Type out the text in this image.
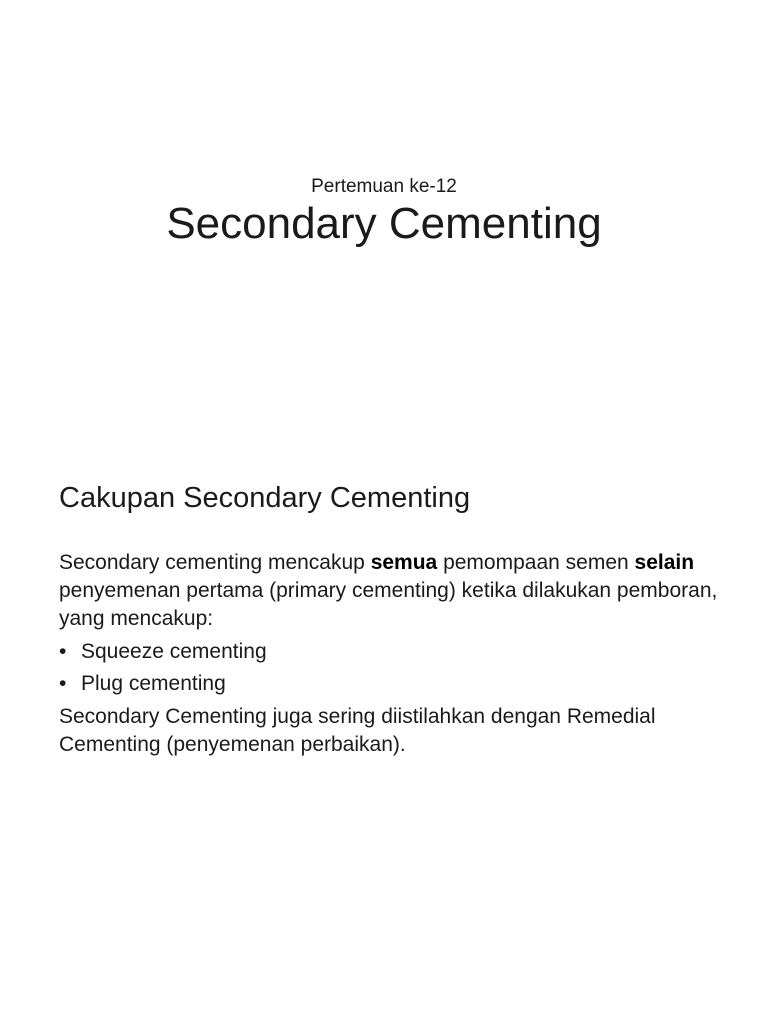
Pertemuan ke-12
Secondary Cementing
Cakupan Secondary Cementing

Secondary cementing mencakup semua pemompaan semen selain penyemenan pertama (primary cementing) ketika dilakukan pemboran, yang mencakup:

• Squeeze cementing
• Plug cementing

Secondary Cementing juga sering diistilahkan dengan Remedial Cementing (penyemenan perbaikan).
